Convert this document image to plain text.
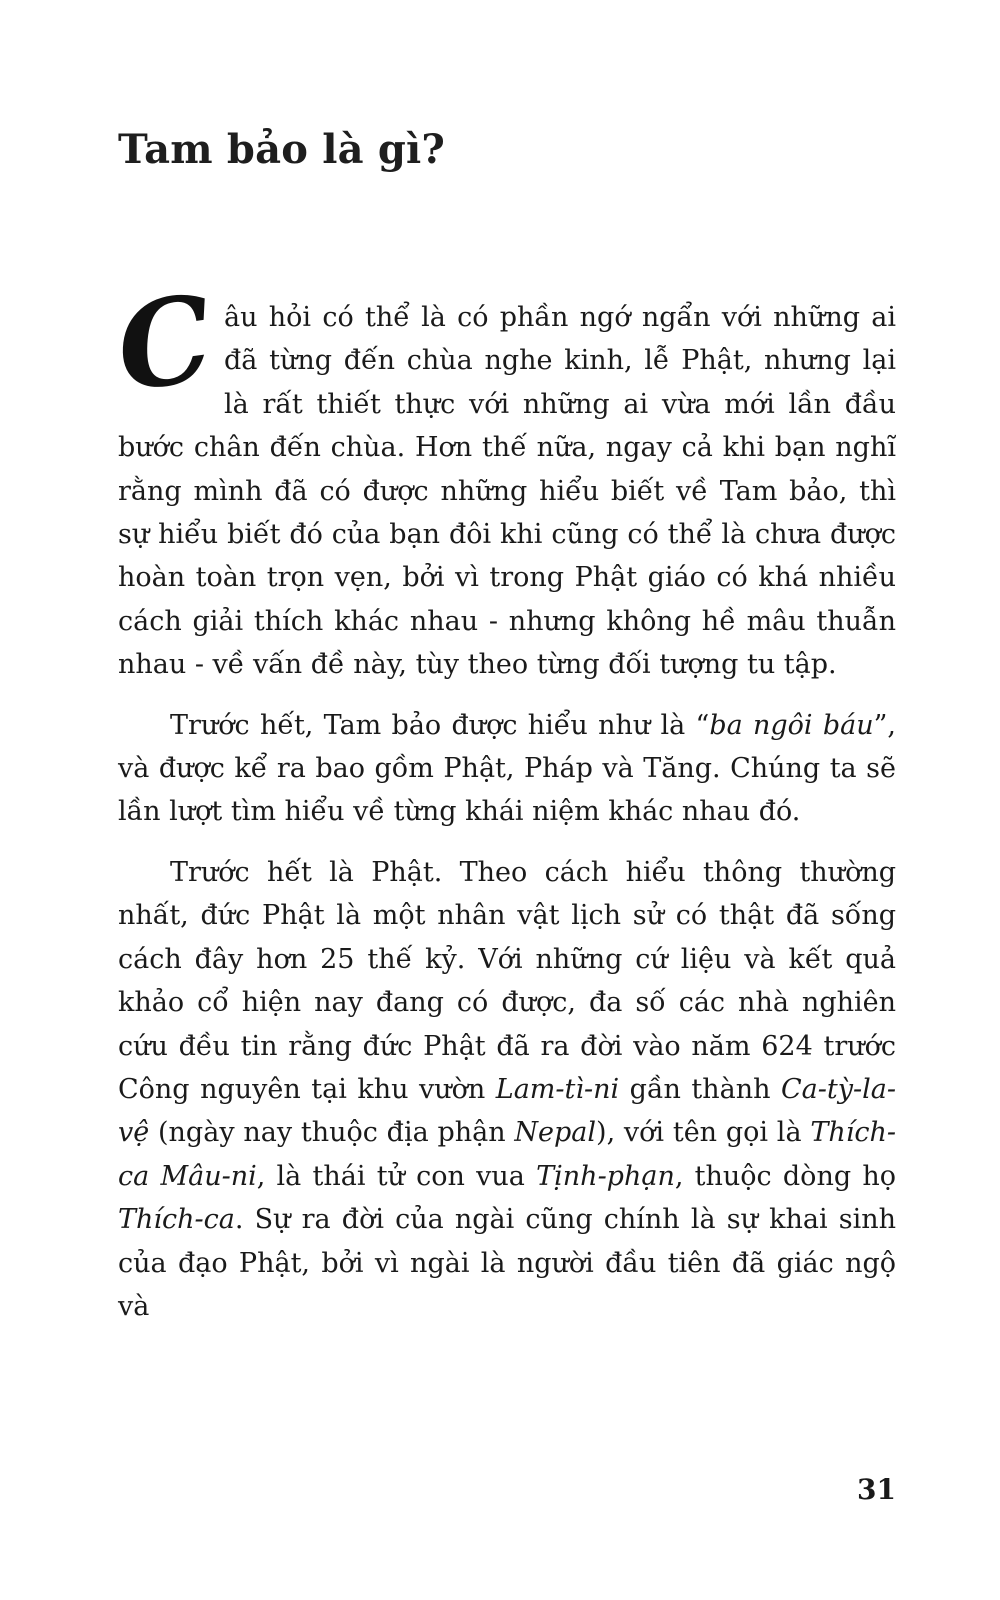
Tam bảo là gì?

Câu hỏi có thể là có phần ngớ ngẩn với những ai đã từng đến chùa nghe kinh, lễ Phật, nhưng lại là rất thiết thực với những ai vừa mới lần đầu bước chân đến chùa. Hơn thế nữa, ngay cả khi bạn nghĩ rằng mình đã có được những hiểu biết về Tam bảo, thì sự hiểu biết đó của bạn đôi khi cũng có thể là chưa được hoàn toàn trọn vẹn, bởi vì trong Phật giáo có khá nhiều cách giải thích khác nhau - nhưng không hề mâu thuẫn nhau - về vấn đề này, tùy theo từng đối tượng tu tập.

Trước hết, Tam bảo được hiểu như là “ba ngôi báu”, và được kể ra bao gồm Phật, Pháp và Tăng. Chúng ta sẽ lần lượt tìm hiểu về từng khái niệm khác nhau đó.

Trước hết là Phật. Theo cách hiểu thông thường nhất, đức Phật là một nhân vật lịch sử có thật đã sống cách đây hơn 25 thế kỷ. Với những cứ liệu và kết quả khảo cổ hiện nay đang có được, đa số các nhà nghiên cứu đều tin rằng đức Phật đã ra đời vào năm 624 trước Công nguyên tại khu vườn Lam-tì-ni gần thành Ca-tỳ-la-vệ (ngày nay thuộc địa phận Nepal), với tên gọi là Thích-ca Mâu-ni, là thái tử con vua Tịnh-phạn, thuộc dòng họ Thích-ca. Sự ra đời của ngài cũng chính là sự khai sinh của đạo Phật, bởi vì ngài là người đầu tiên đã giác ngộ và

31
